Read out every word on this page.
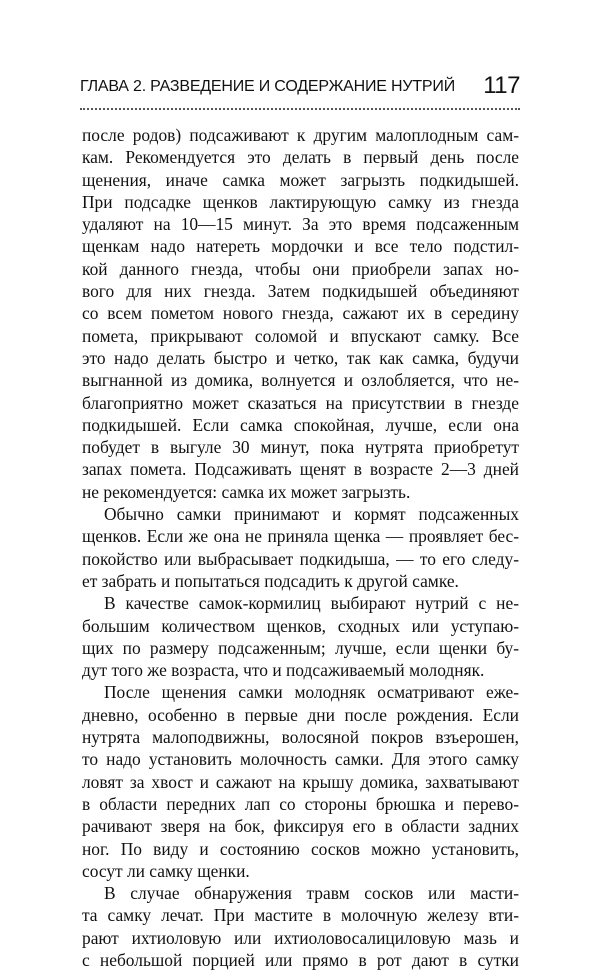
ГЛАВА 2. РАЗВЕДЕНИЕ И СОДЕРЖАНИЕ НУТРИЙ 117
после родов) подсаживают к другим малоплодным сам-
кам. Рекомендуется это делать в первый день после
щенения, иначе самка может загрызть подкидышей.
При подсадке щенков лактирующую самку из гнезда
удаляют на 10—15 минут. За это время подсаженным
щенкам надо натереть мордочки и все тело подстил-
кой данного гнезда, чтобы они приобрели запах но-
вого для них гнезда. Затем подкидышей объединяют
со всем пометом нового гнезда, сажают их в середину
помета, прикрывают соломой и впускают самку. Все
это надо делать быстро и четко, так как самка, будучи
выгнанной из домика, волнуется и озлобляется, что не-
благоприятно может сказаться на присутствии в гнезде
подкидышей. Если самка спокойная, лучше, если она
побудет в выгуле 30 минут, пока нутрята приобретут
запах помета. Подсаживать щенят в возрасте 2—3 дней
не рекомендуется: самка их может загрызть.
Обычно самки принимают и кормят подсаженных
щенков. Если же она не приняла щенка — проявляет бес-
покойство или выбрасывает подкидыша, — то его следу-
ет забрать и попытаться подсадить к другой самке.
В качестве самок-кормилиц выбирают нутрий с не-
большим количеством щенков, сходных или уступаю-
щих по размеру подсаженным; лучше, если щенки бу-
дут того же возраста, что и подсаживаемый молодняк.
После щенения самки молодняк осматривают еже-
дневно, особенно в первые дни после рождения. Если
нутрята малоподвижны, волосяной покров взъерошен,
то надо установить молочность самки. Для этого самку
ловят за хвост и сажают на крышу домика, захватывают
в области передних лап со стороны брюшка и перево-
рачивают зверя на бок, фиксируя его в области задних
ног. По виду и состоянию сосков можно установить,
сосут ли самку щенки.
В случае обнаружения травм сосков или масти-
та самку лечат. При мастите в молочную железу вти-
рают ихтиоловую или ихтиоловосалициловую мазь и
с небольшой порцией или прямо в рот дают в сутки
